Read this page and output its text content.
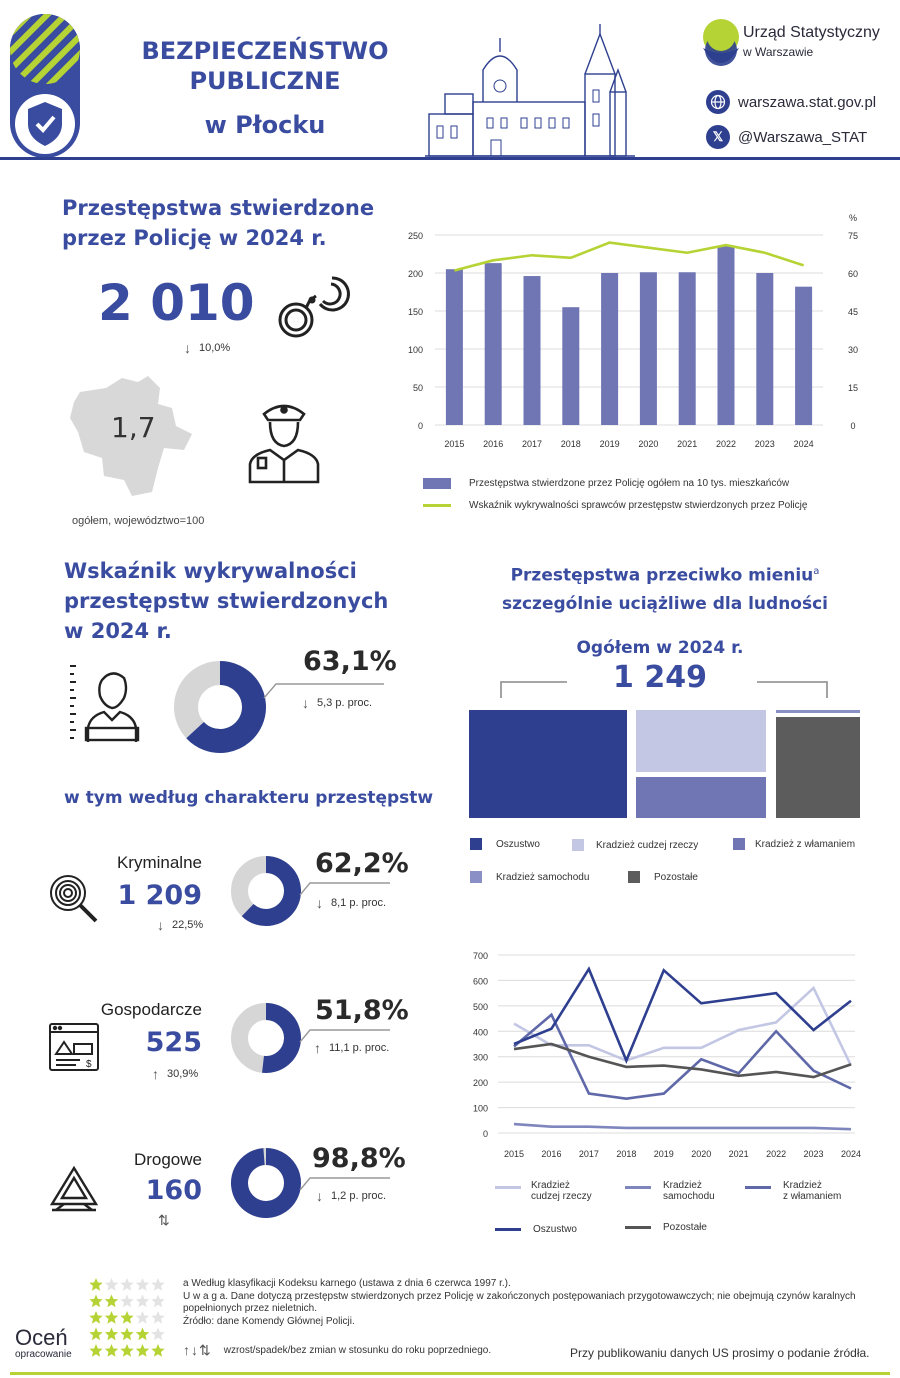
BEZPIECZEŃSTWO
PUBLICZNE
w Płocku
Urząd Statystyczny
w Warszawie
warszawa.stat.gov.pl
𝕏 @Warszawa_STAT
Przestępstwa stwierdzone
przez Policję w 2024 r.
2 010
↓ 10,0%
1,7
ogółem, województwo=100
0
50
100
150
200
250
0
15
30
45
60
75
%
2015 2016 2017 2018 2019 2020 2021 2022 2023 2024
Przestępstwa stwierdzone przez Policję ogółem na 10 tys. mieszkańców
Wskaźnik wykrywalności sprawców przestępstw stwierdzonych przez Policję
Wskaźnik wykrywalności
przestępstw stwierdzonych
w 2024 r.
63,1%
↓ 5,3 p. proc.
w tym według charakteru przestępstw
Kryminalne
1 209
↓ 22,5%
62,2%
↓ 8,1 p. proc.
$
Gospodarcze
525
↑ 30,9%
51,8%
↑ 11,1 p. proc.
Drogowe
160
⇅
98,8%
↓ 1,2 p. proc.
Przestępstwa przeciwko mieniu$^a$
szczególnie uciążliwe dla ludności
Ogółem w 2024 r.
1 249
Oszustwo	Kradzież cudzej rzeczy	Kradzież z włamaniem
Kradzież samochodu	Pozostałe
0
100
200
300
400
500
600
700
2015 2016 2017 2018 2019 2020 2021 2022 2023 2024
Kradzież
cudzej rzeczy
Kradzież
samochodu
Kradzież
z włamaniem
Oszustwo	Pozostałe
Oceń
opracowanie
a Według klasyfikacji Kodeksu karnego (ustawa z dnia 6 czerwca 1997 r.).
U w a g a. Dane dotyczą przestępstw stwierdzonych przez Policję w zakończonych postępowaniach przygotowawczych; nie obejmują czynów karalnych popełnionych przez nieletnich.
Źródło: dane Komendy Głównej Policji.
↑↓⇅ wzrost/spadek/bez zmian w stosunku do roku poprzedniego.	Przy publikowaniu danych US prosimy o podanie źródła.
